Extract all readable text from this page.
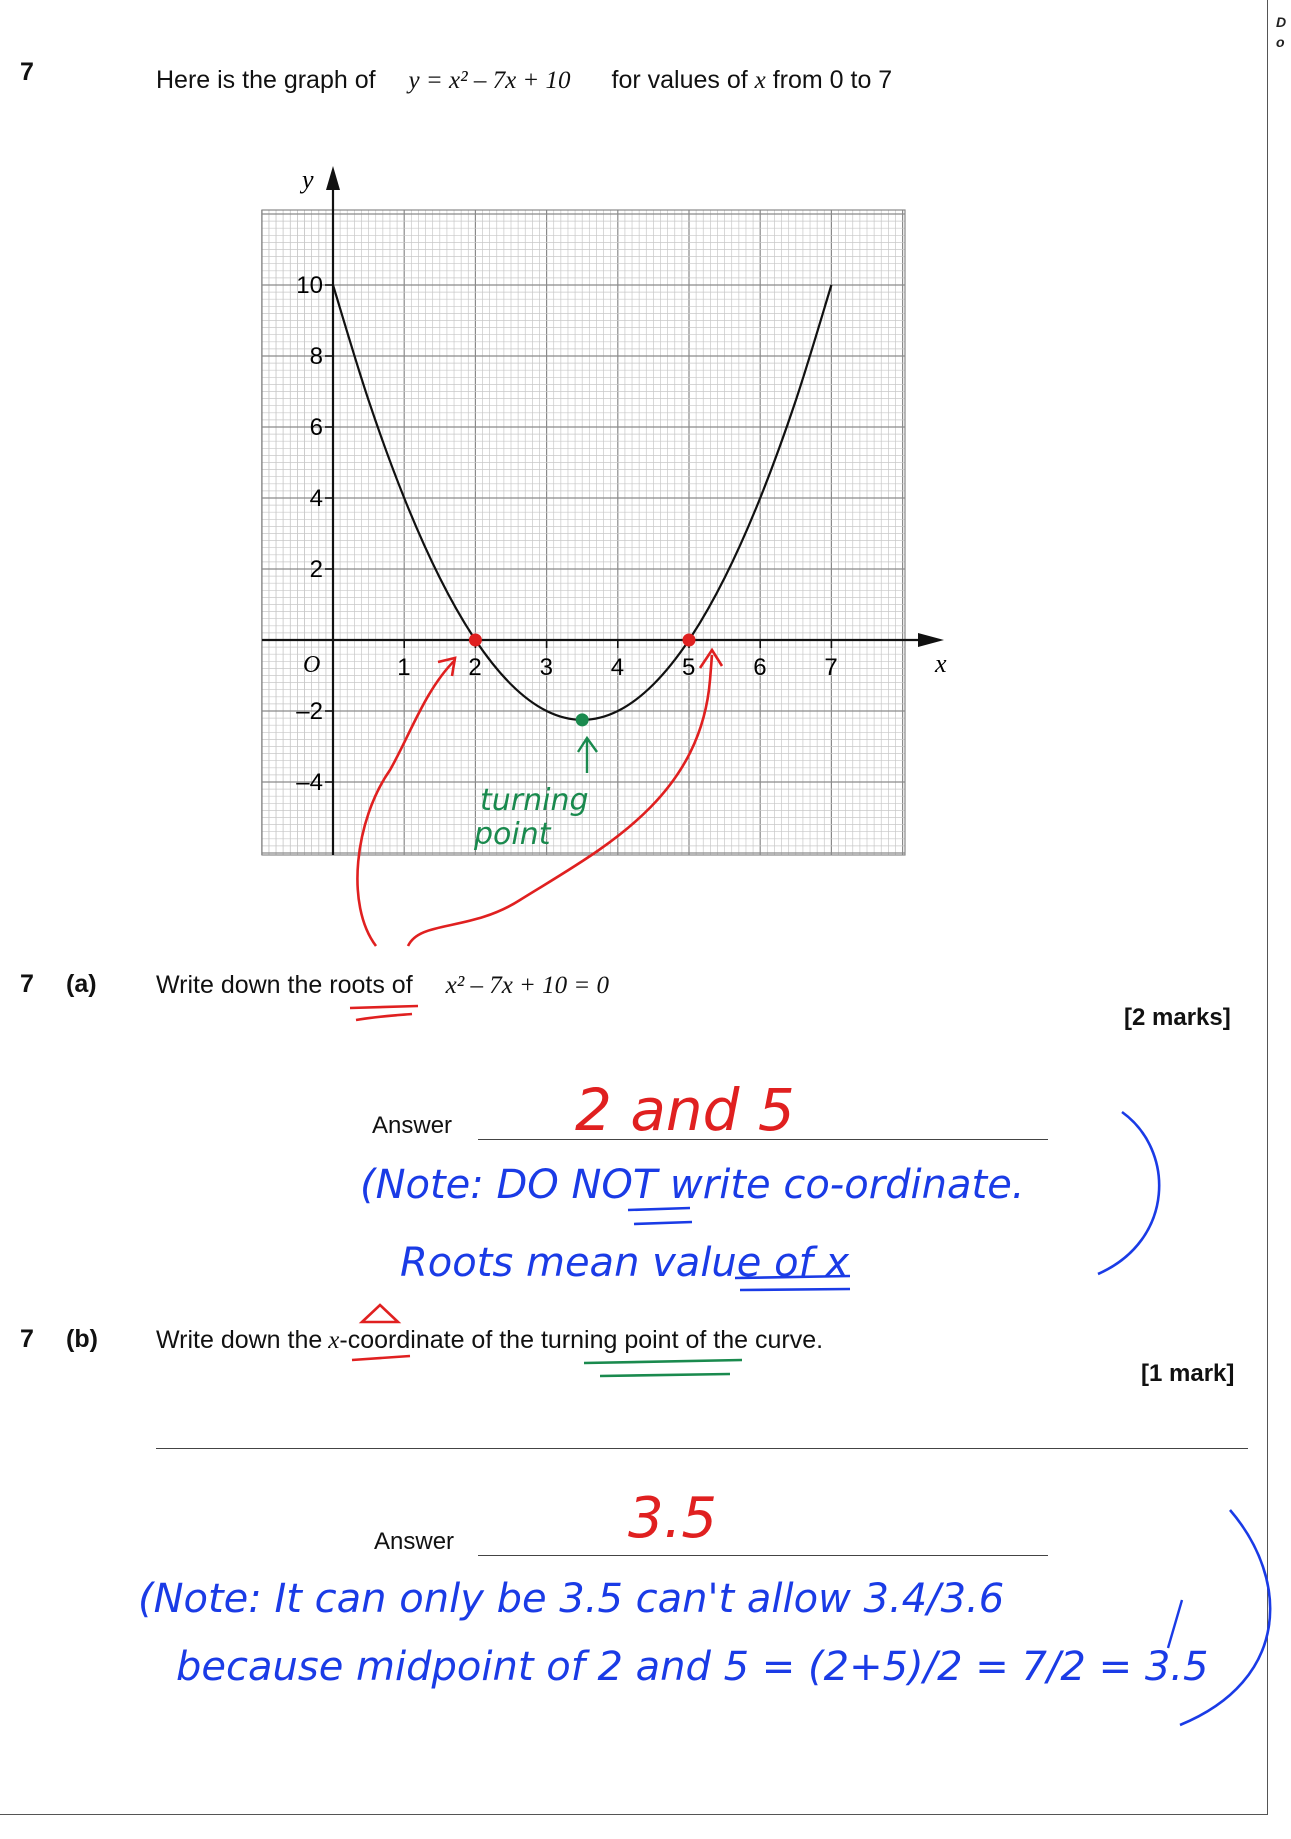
D
o
7	Here is the graph of y = x² – 7x + 10 for values of x from 0 to 7
x
y
O	1 2 3 4 5 6 7
10
8
6
4
2
–2
–4
turning
point
7 (a) Write down the roots of x² – 7x + 10 = 0
[2 marks]
Answer 2 and 5
(Note: DO NOT write co-ordinate.
Roots mean value of x
7 (b) Write down the x-coordinate of the turning point of the curve.
[1 mark]
Answer	3.5
(Note: It can only be 3.5 can't allow 3.4/3.6
because midpoint of 2 and 5 = (2+5)/2 = 7/2 = 3.5
